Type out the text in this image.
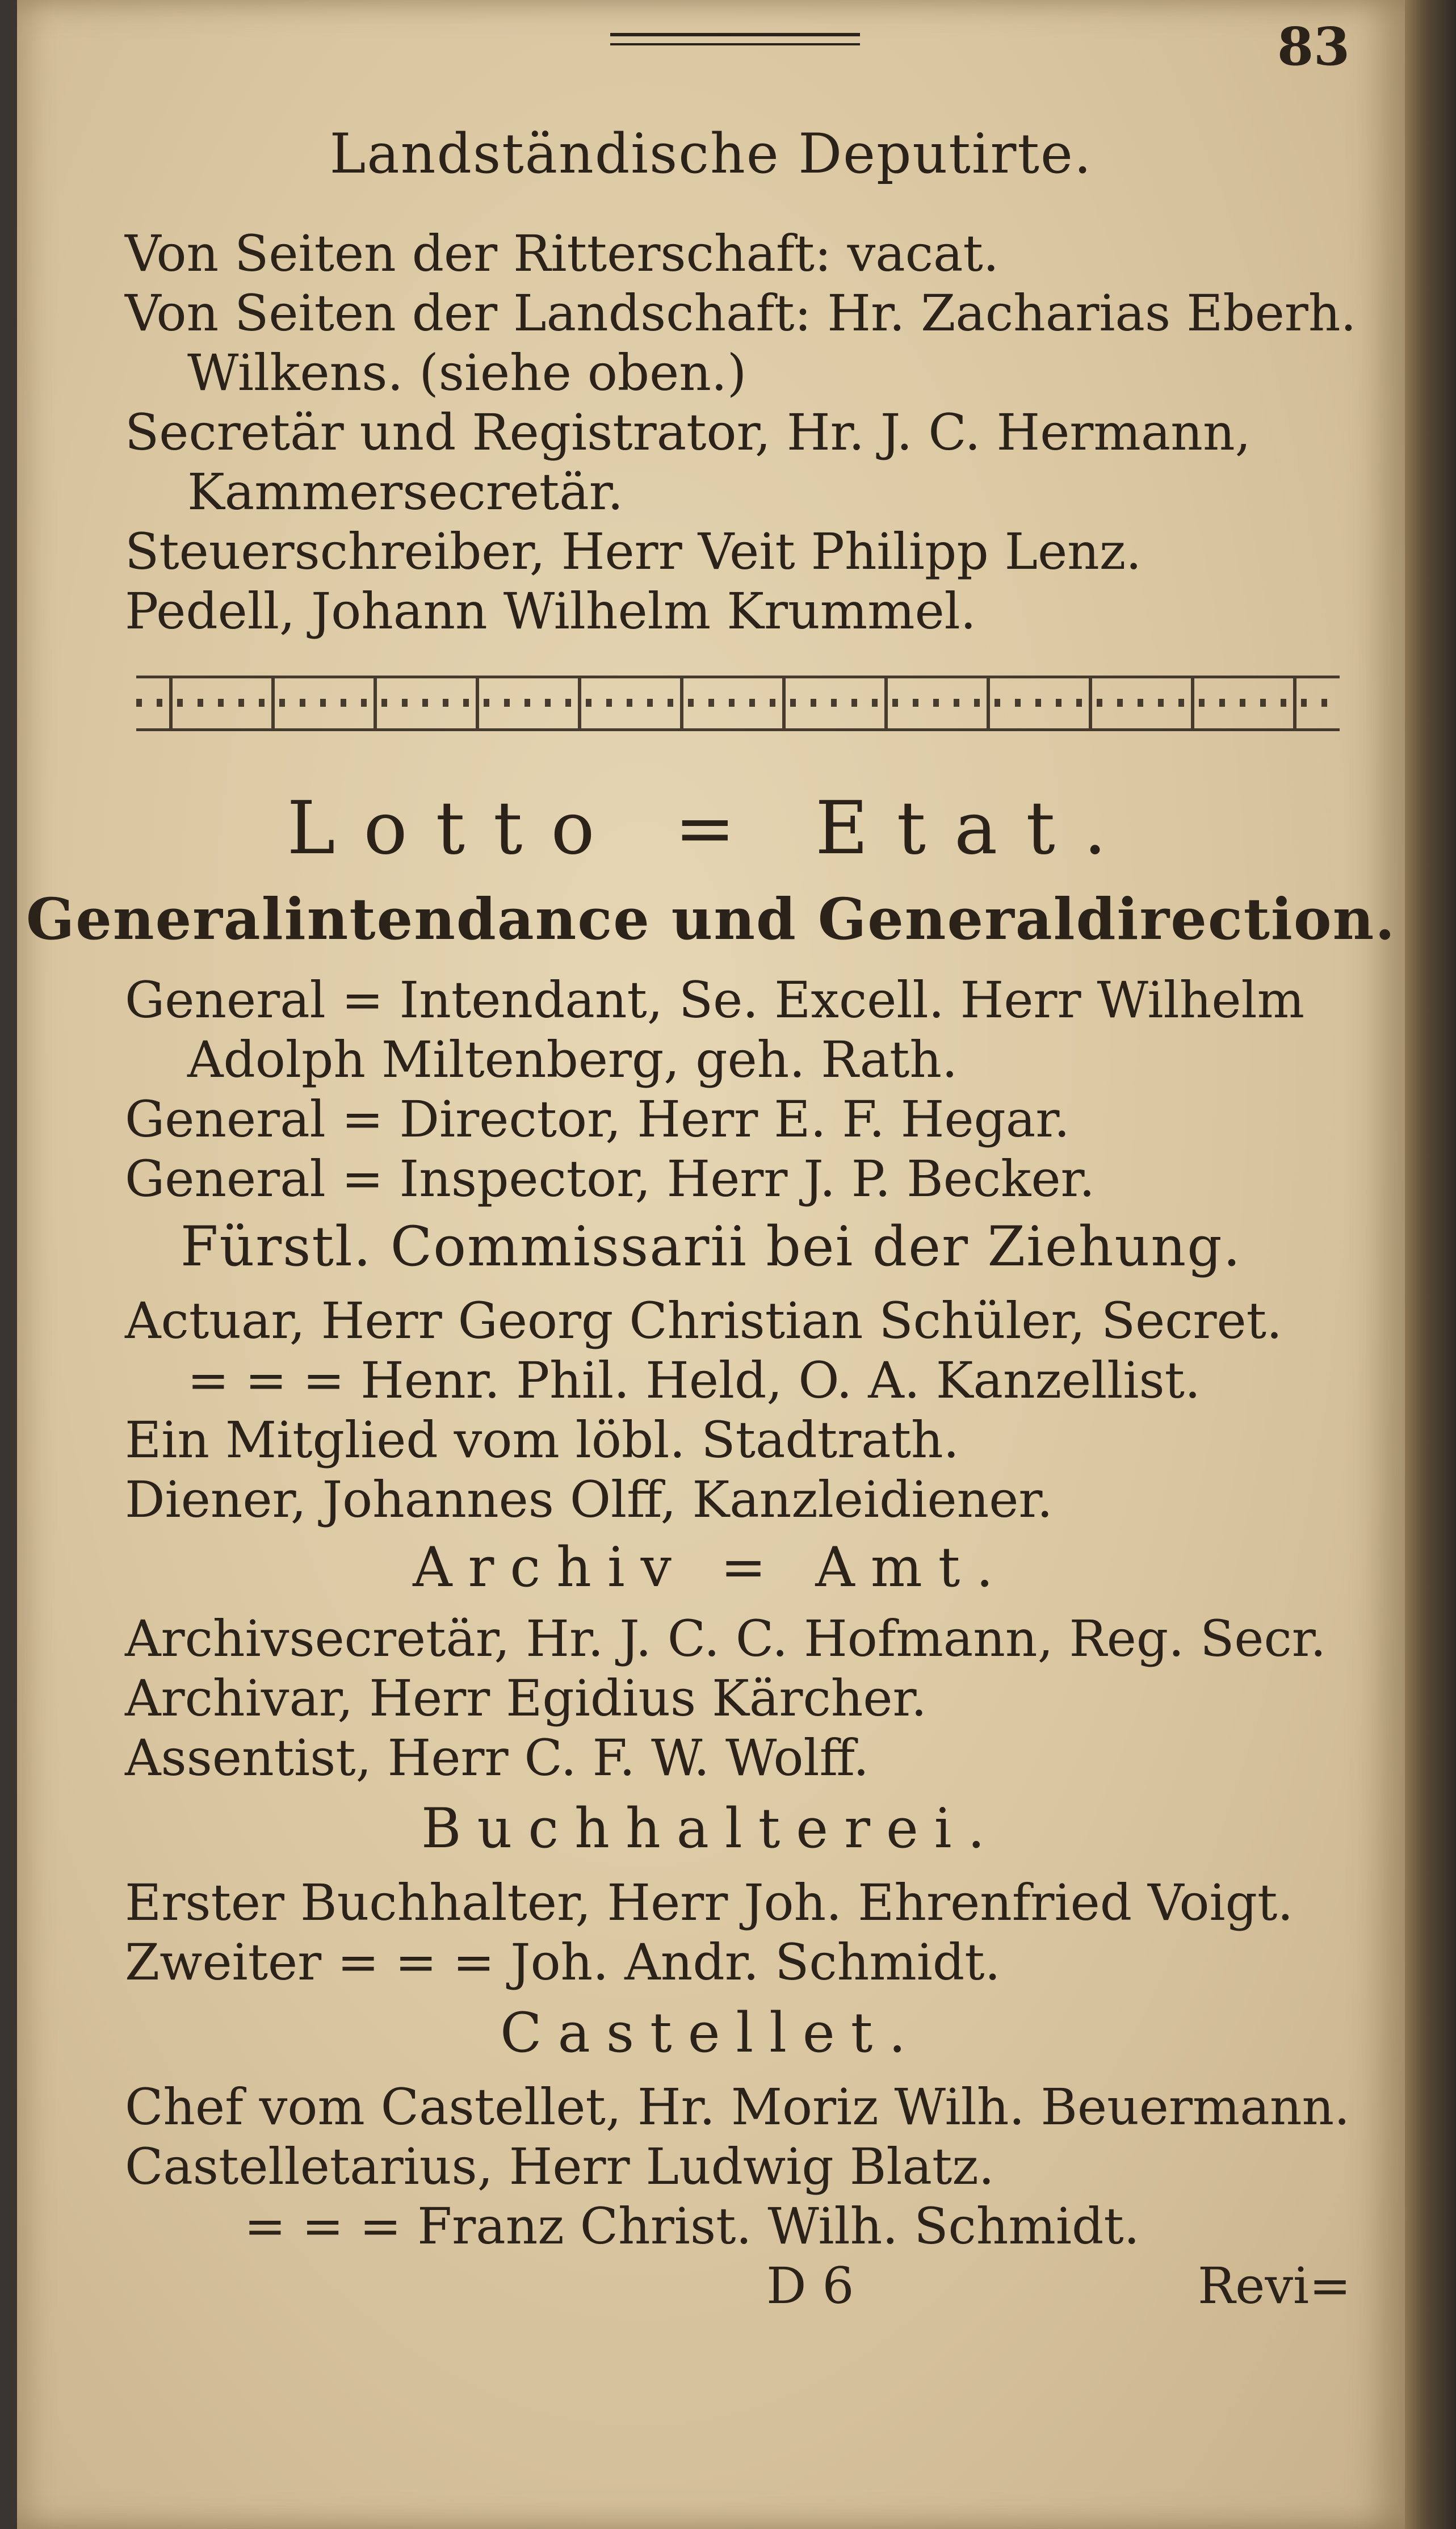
83
Landständische Deputirte.
Von Seiten der Ritterschaft: vacat.
Von Seiten der Landschaft: Hr. Zacharias Eberh.
Wilkens. (siehe oben.)
Secretär und Registrator, Hr. J. C. Hermann,
Kammersecretär.
Steuerschreiber, Herr Veit Philipp Lenz.
Pedell, Johann Wilhelm Krummel.
Lotto = Etat.
Generalintendance und Generaldirection.
General = Intendant, Se. Excell. Herr Wilhelm
Adolph Miltenberg, geh. Rath.
General = Director, Herr E. F. Hegar.
General = Inspector, Herr J. P. Becker.
Fürstl. Commissarii bei der Ziehung.
Actuar, Herr Georg Christian Schüler, Secret.
= = = Henr. Phil. Held, O. A. Kanzellist.
Ein Mitglied vom löbl. Stadtrath.
Diener, Johannes Olff, Kanzleidiener.
Archiv = Amt.
Archivsecretär, Hr. J. C. C. Hofmann, Reg. Secr.
Archivar, Herr Egidius Kärcher.
Assentist, Herr C. F. W. Wolff.
Buchhalterei.
Erster Buchhalter, Herr Joh. Ehrenfried Voigt.
Zweiter = = = Joh. Andr. Schmidt.
Castellet.
Chef vom Castellet, Hr. Moriz Wilh. Beuermann.
Castelletarius, Herr Ludwig Blatz.
= = = Franz Christ. Wilh. Schmidt.
D 6	Revi=
